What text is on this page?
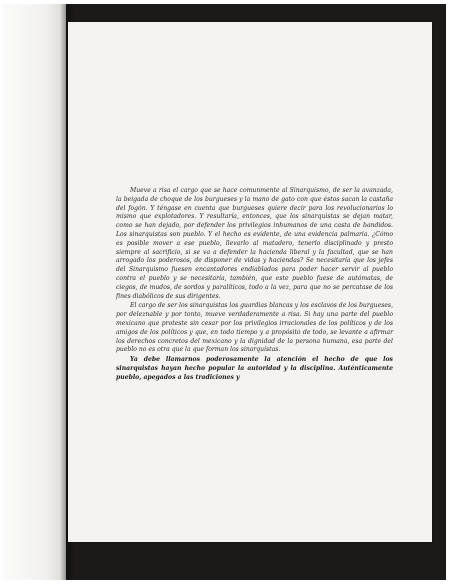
Mueve a risa el cargo que se hace comunmente al Sinarquismo, de ser la avanzada, la beigada de choque de los burgueses y la mano de gato con que éstos sacan la castaña del fogón. Y téngase en cuenta que burgueses quiere decir para los revolucionarios lo mismo que explotadores. Y resultaría, entonces, que los sinarquistas se dejan matar, como se han dejado, por defender los privilegios inhumanos de una casta de bandidos. Los sinarquistas son pueblo. Y el hecho es evidente, de una evidencia palmaria. ¿Cómo es posible mover a ese pueblo, llevarlo al matadero, tenerlo disciplinado y presto siempre al sacrificio, si se va a defender la hacienda liberal y la facultad, que se han arrogado los poderosos, de disponer de vidas y haciendas? Se necesitaría que los jefes del Sinarquismo fuesen encantadores endiablados para poder hacer servir al pueblo contra el pueblo y se necesitaría, también, que este pueblo fuese de autómatas, de ciegos, de mudos, de sordos y paralíticos, todo a la vez, para que no se percatase de los fines diabólicos de sus dirigentes.

El cargo de ser los sinarquistas los guardias blancas y los esclavos de los burgueses, por deleznable y por tonto, mueve verdaderamente a risa. Si hay una parte del pueblo mexicano que proteste sin cesar por los privilegios irracionales de los políticos y de los amigos de los políticos y que, en todo tiempo y a propósito de todo, se levante a afirmar los derechos concretos del mexicano y la dignidad de la persona humana, esa parte del pueblo no es otra que la que forman los sinarquistas.

Ya debe llamarnos poderosamente la atención el hecho de que los sinarquistas hayan hecho popular la autoridad y la disciplina. Auténticamente pueblo, apegados a las tradiciones y
